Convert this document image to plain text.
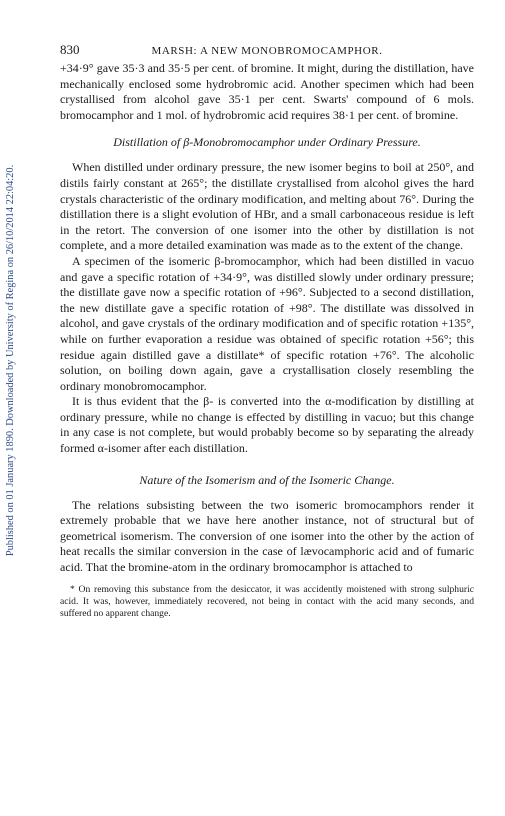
Published on 01 January 1890. Downloaded by University of Regina on 26/10/2014 22:04:20.
830	MARSH: A NEW MONOBROMOCAMPHOR.

+34·9° gave 35·3 and 35·5 per cent. of bromine. It might, during the distillation, have mechanically enclosed some hydrobromic acid. Another specimen which had been crystallised from alcohol gave 35·1 per cent. Swarts' compound of 6 mols. bromocamphor and 1 mol. of hydrobromic acid requires 38·1 per cent. of bromine.

Distillation of β-Monobromocamphor under Ordinary Pressure.

When distilled under ordinary pressure, the new isomer begins to boil at 250°, and distils fairly constant at 265°; the distillate crystallised from alcohol gives the hard crystals characteristic of the ordinary modification, and melting about 76°. During the distillation there is a slight evolution of HBr, and a small carbonaceous residue is left in the retort. The conversion of one isomer into the other by distillation is not complete, and a more detailed examination was made as to the extent of the change.

A specimen of the isomeric β-bromocamphor, which had been distilled in vacuo and gave a specific rotation of +34·9°, was distilled slowly under ordinary pressure; the distillate gave now a specific rotation of +96°. Subjected to a second distillation, the new distillate gave a specific rotation of +98°. The distillate was dissolved in alcohol, and gave crystals of the ordinary modification and of specific rotation +135°, while on further evaporation a residue was obtained of specific rotation +56°; this residue again distilled gave a distillate* of specific rotation +76°. The alcoholic solution, on boiling down again, gave a crystallisation closely resembling the ordinary monobromocamphor.

It is thus evident that the β- is converted into the α-modification by distilling at ordinary pressure, while no change is effected by distilling in vacuo; but this change in any case is not complete, but would probably become so by separating the already formed α-isomer after each distillation.

Nature of the Isomerism and of the Isomeric Change.

The relations subsisting between the two isomeric bromocamphors render it extremely probable that we have here another instance, not of structural but of geometrical isomerism. The conversion of one isomer into the other by the action of heat recalls the similar conversion in the case of lævocamphoric acid and of fumaric acid. That the bromine-atom in the ordinary bromocamphor is attached to

* On removing this substance from the desiccator, it was accidently moistened with strong sulphuric acid. It was, however, immediately recovered, not being in contact with the acid many seconds, and suffered no apparent change.
